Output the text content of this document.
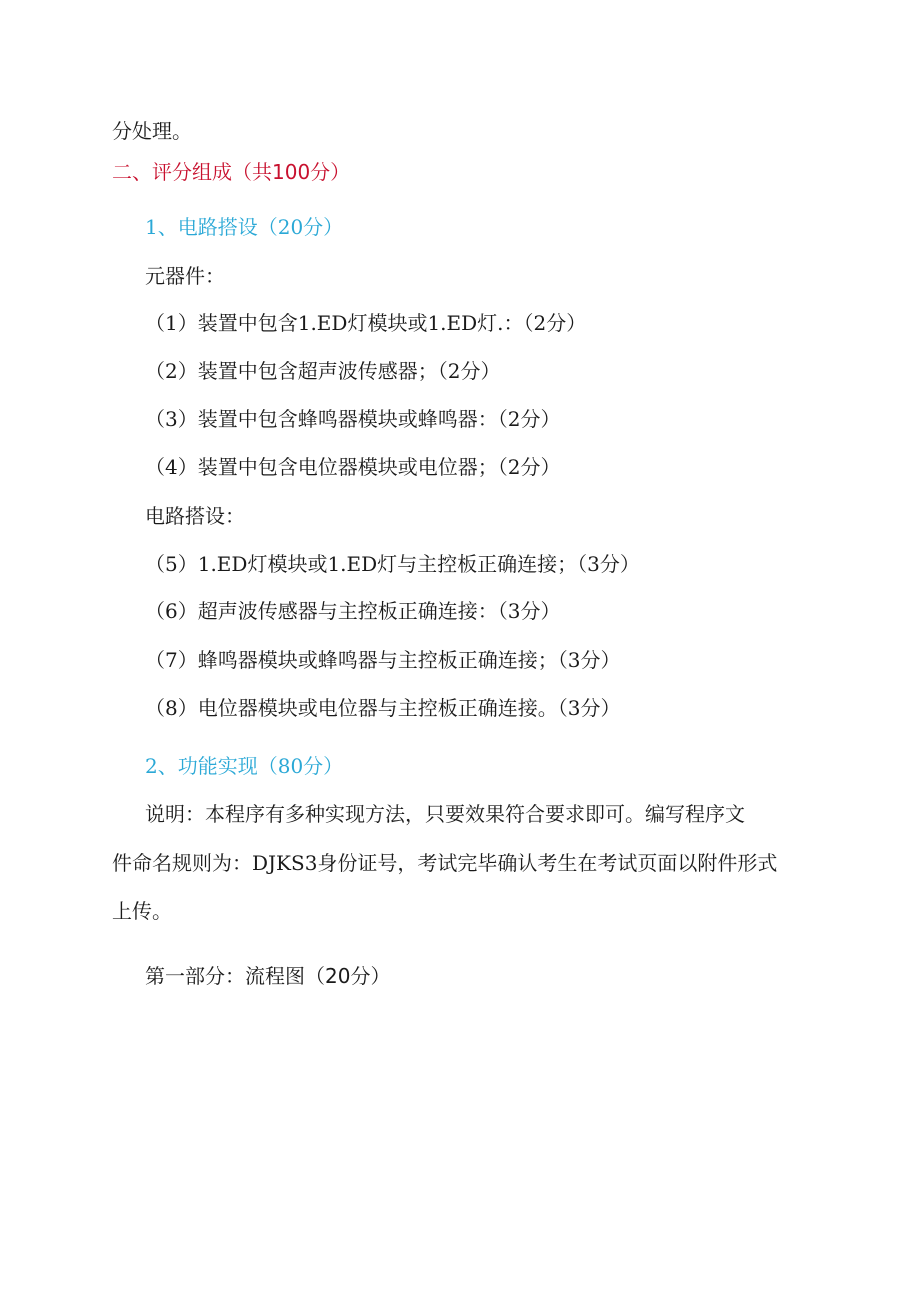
分处理。
二、评分组成（共100分）
1、电路搭设（20分）
元器件：
（1）装置中包含1.ED灯模块或1.ED灯.：（2分）
（2）装置中包含超声波传感器；（2分）
（3）装置中包含蜂鸣器模块或蜂鸣器：（2分）
（4）装置中包含电位器模块或电位器；（2分）
电路搭设：
（5）1.ED灯模块或1.ED灯与主控板正确连接；（3分）
（6）超声波传感器与主控板正确连接：（3分）
（7）蜂鸣器模块或蜂鸣器与主控板正确连接；（3分）
（8）电位器模块或电位器与主控板正确连接。（3分）
2、功能实现（80分）
说明：本程序有多种实现方法，只要效果符合要求即可。编写程序文
件命名规则为：DJKS3身份证号，考试完毕确认考生在考试页面以附件形式
上传。
第一部分：流程图（20分）
